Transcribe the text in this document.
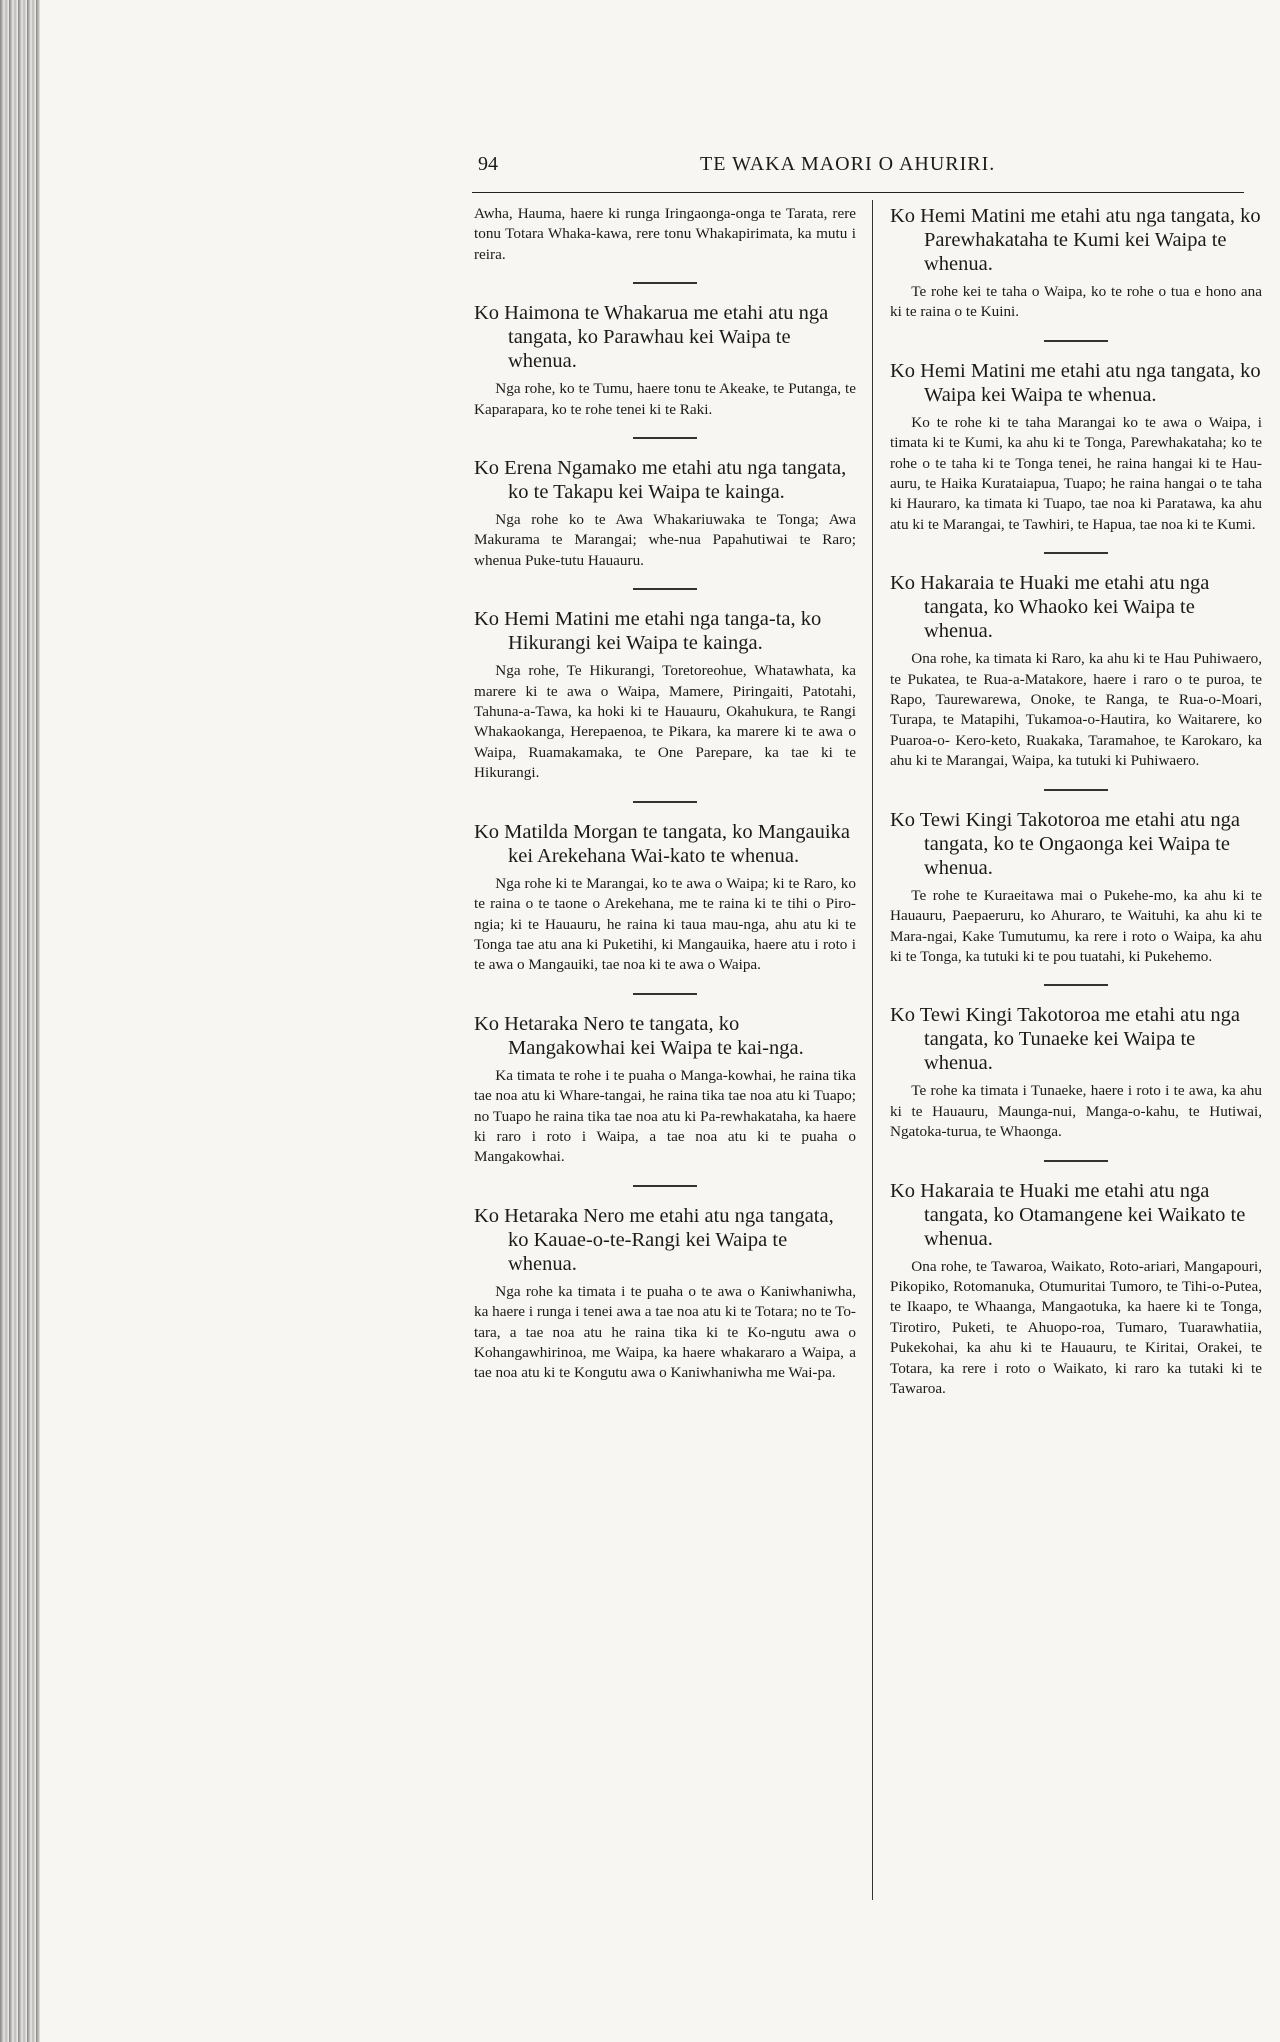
94	TE WAKA MAORI O AHURIRI.

Awha, Hauma, haere ki runga Iringaonga-onga te Tarata, rere tonu Totara Whaka-kawa, rere tonu Whakapirimata, ka mutu i reira.

Ko Haimona te Whakarua me etahi atu nga tangata, ko Parawhau kei Waipa te whenua.

Nga rohe, ko te Tumu, haere tonu te Akeake, te Putanga, te Kaparapara, ko te rohe tenei ki te Raki.

Ko Erena Ngamako me etahi atu nga tangata, ko te Takapu kei Waipa te kainga.

Nga rohe ko te Awa Whakariuwaka te Tonga; Awa Makurama te Marangai; whe-nua Papahutiwai te Raro; whenua Puke-tutu Hauauru.

Ko Hemi Matini me etahi nga tanga-ta, ko Hikurangi kei Waipa te kainga.

Nga rohe, Te Hikurangi, Toretoreohue, Whatawhata, ka marere ki te awa o Waipa, Mamere, Piringaiti, Patotahi, Tahuna-a-Tawa, ka hoki ki te Hauauru, Okahukura, te Rangi Whakaokanga, Herepaenoa, te Pikara, ka marere ki te awa o Waipa, Ruamakamaka, te One Parepare, ka tae ki te Hikurangi.

Ko Matilda Morgan te tangata, ko Mangauika kei Arekehana Wai-kato te whenua.

Nga rohe ki te Marangai, ko te awa o Waipa; ki te Raro, ko te raina o te taone o Arekehana, me te raina ki te tihi o Piro-ngia; ki te Hauauru, he raina ki taua mau-nga, ahu atu ki te Tonga tae atu ana ki Puketihi, ki Mangauika, haere atu i roto i te awa o Mangauiki, tae noa ki te awa o Waipa.

Ko Hetaraka Nero te tangata, ko Mangakowhai kei Waipa te kai-nga.

Ka timata te rohe i te puaha o Manga-kowhai, he raina tika tae noa atu ki Whare-tangai, he raina tika tae noa atu ki Tuapo; no Tuapo he raina tika tae noa atu ki Pa-rewhakataha, ka haere ki raro i roto i Waipa, a tae noa atu ki te puaha o Mangakowhai.

Ko Hetaraka Nero me etahi atu nga tangata, ko Kauae-o-te-Rangi kei Waipa te whenua.

Nga rohe ka timata i te puaha o te awa o Kaniwhaniwha, ka haere i runga i tenei awa a tae noa atu ki te Totara; no te To-tara, a tae noa atu he raina tika ki te Ko-ngutu awa o Kohangawhirinoa, me Waipa, ka haere whakararo a Waipa, a tae noa atu ki te Kongutu awa o Kaniwhaniwha me Wai-pa.

Ko Hemi Matini me etahi atu nga tangata, ko Parewhakataha te Kumi kei Waipa te whenua.

Te rohe kei te taha o Waipa, ko te rohe o tua e hono ana ki te raina o te Kuini.

Ko Hemi Matini me etahi atu nga tangata, ko Waipa kei Waipa te whenua.

Ko te rohe ki te taha Marangai ko te awa o Waipa, i timata ki te Kumi, ka ahu ki te Tonga, Parewhakataha; ko te rohe o te taha ki te Tonga tenei, he raina hangai ki te Hau-auru, te Haika Kurataiapua, Tuapo; he raina hangai o te taha ki Hauraro, ka timata ki Tuapo, tae noa ki Paratawa, ka ahu atu ki te Marangai, te Tawhiri, te Hapua, tae noa ki te Kumi.

Ko Hakaraia te Huaki me etahi atu nga tangata, ko Whaoko kei Waipa te whenua.

Ona rohe, ka timata ki Raro, ka ahu ki te Hau Puhiwaero, te Pukatea, te Rua-a-Matakore, haere i raro o te puroa, te Rapo, Taurewarewa, Onoke, te Ranga, te Rua-o-Moari, Turapa, te Matapihi, Tukamoa-o-Hautira, ko Waitarere, ko Puaroa-o- Kero-keto, Ruakaka, Taramahoe, te Karokaro, ka ahu ki te Marangai, Waipa, ka tutuki ki Puhiwaero.

Ko Tewi Kingi Takotoroa me etahi atu nga tangata, ko te Ongaonga kei Waipa te whenua.

Te rohe te Kuraeitawa mai o Pukehe-mo, ka ahu ki te Hauauru, Paepaeruru, ko Ahuraro, te Waituhi, ka ahu ki te Mara-ngai, Kake Tumutumu, ka rere i roto o Waipa, ka ahu ki te Tonga, ka tutuki ki te pou tuatahi, ki Pukehemo.

Ko Tewi Kingi Takotoroa me etahi atu nga tangata, ko Tunaeke kei Waipa te whenua.

Te rohe ka timata i Tunaeke, haere i roto i te awa, ka ahu ki te Hauauru, Maunga-nui, Manga-o-kahu, te Hutiwai, Ngatoka-turua, te Whaonga.

Ko Hakaraia te Huaki me etahi atu nga tangata, ko Otamangene kei Waikato te whenua.

Ona rohe, te Tawaroa, Waikato, Roto-ariari, Mangapouri, Pikopiko, Rotomanuka, Otumuritai Tumoro, te Tihi-o-Putea, te Ikaapo, te Whaanga, Mangaotuka, ka haere ki te Tonga, Tirotiro, Puketi, te Ahuopo-roa, Tumaro, Tuarawhatiia, Pukekohai, ka ahu ki te Hauauru, te Kiritai, Orakei, te Totara, ka rere i roto o Waikato, ki raro ka tutaki ki te Tawaroa.
